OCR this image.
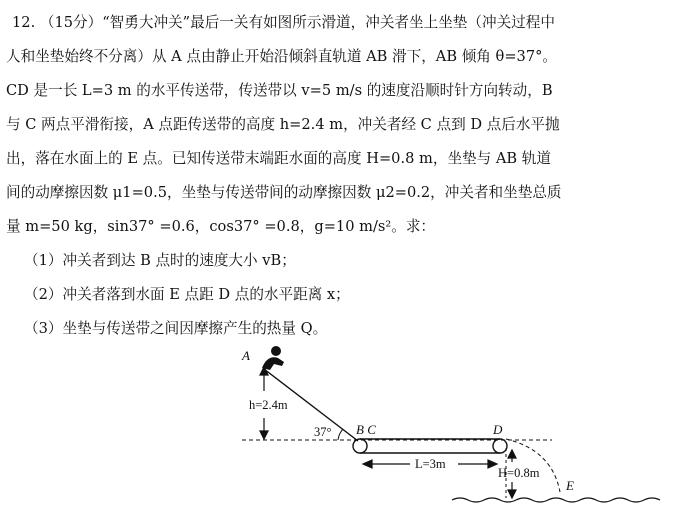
12. （15分）“智勇大冲关”最后一关有如图所示滑道，冲关者坐上坐垫（冲关过程中
人和坐垫始终不分离）从 A 点由静止开始沿倾斜直轨道 AB 滑下，AB 倾角 θ=37°。
CD 是一长 L=3 m 的水平传送带，传送带以 v=5 m/s 的速度沿顺时针方向转动，B
与 C 两点平滑衔接，A 点距传送带的高度 h=2.4 m，冲关者经 C 点到 D 点后水平抛
出，落在水面上的 E 点。已知传送带末端距水面的高度 H=0.8 m，坐垫与 AB 轨道
间的动摩擦因数 μ1=0.5，坐垫与传送带间的动摩擦因数 μ2=0.2，冲关者和坐垫总质
量 m=50 kg，sin37° =0.6，cos37° =0.8，g=10 m/s²。求：
（1）冲关者到达 B 点时的速度大小 vB；
（2）冲关者落到水面 E 点距 D 点的水平距离 x；
（3）坐垫与传送带之间因摩擦产生的热量 Q。
A
h=2.4m
37° B C	D
L=3m
H=0.8m
E
